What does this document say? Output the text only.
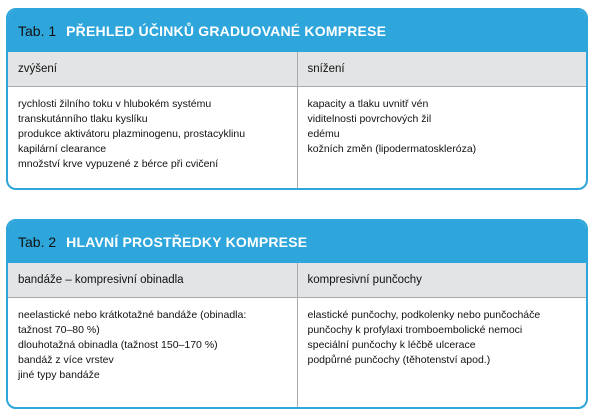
Tab. 1 PŘEHLED ÚČINKŮ GRADUOVANÉ KOMPRESE
zvýšení	snížení
rychlosti žilního toku v hlubokém systému
transkutánního tlaku kyslíku
produkce aktivátoru plazminogenu, prostacyklinu
kapilární clearance
množství krve vypuzené z bérce při cvičení
kapacity a tlaku uvnitř vén
viditelnosti povrchových žil
edému
kožních změn (lipodermatoskleróza)
Tab. 2 HLAVNÍ PROSTŘEDKY KOMPRESE
bandáže – kompresivní obinadla	kompresivní punčochy
neelastické nebo krátkotažné bandáže (obinadla:
tažnost 70–80 %)
dlouhotažná obinadla (tažnost 150–170 %)
bandáž z více vrstev
jiné typy bandáže
elastické punčochy, podkolenky nebo punčocháče
punčochy k profylaxi tromboembolické nemoci
speciální punčochy k léčbě ulcerace
podpůrné punčochy (těhotenství apod.)
